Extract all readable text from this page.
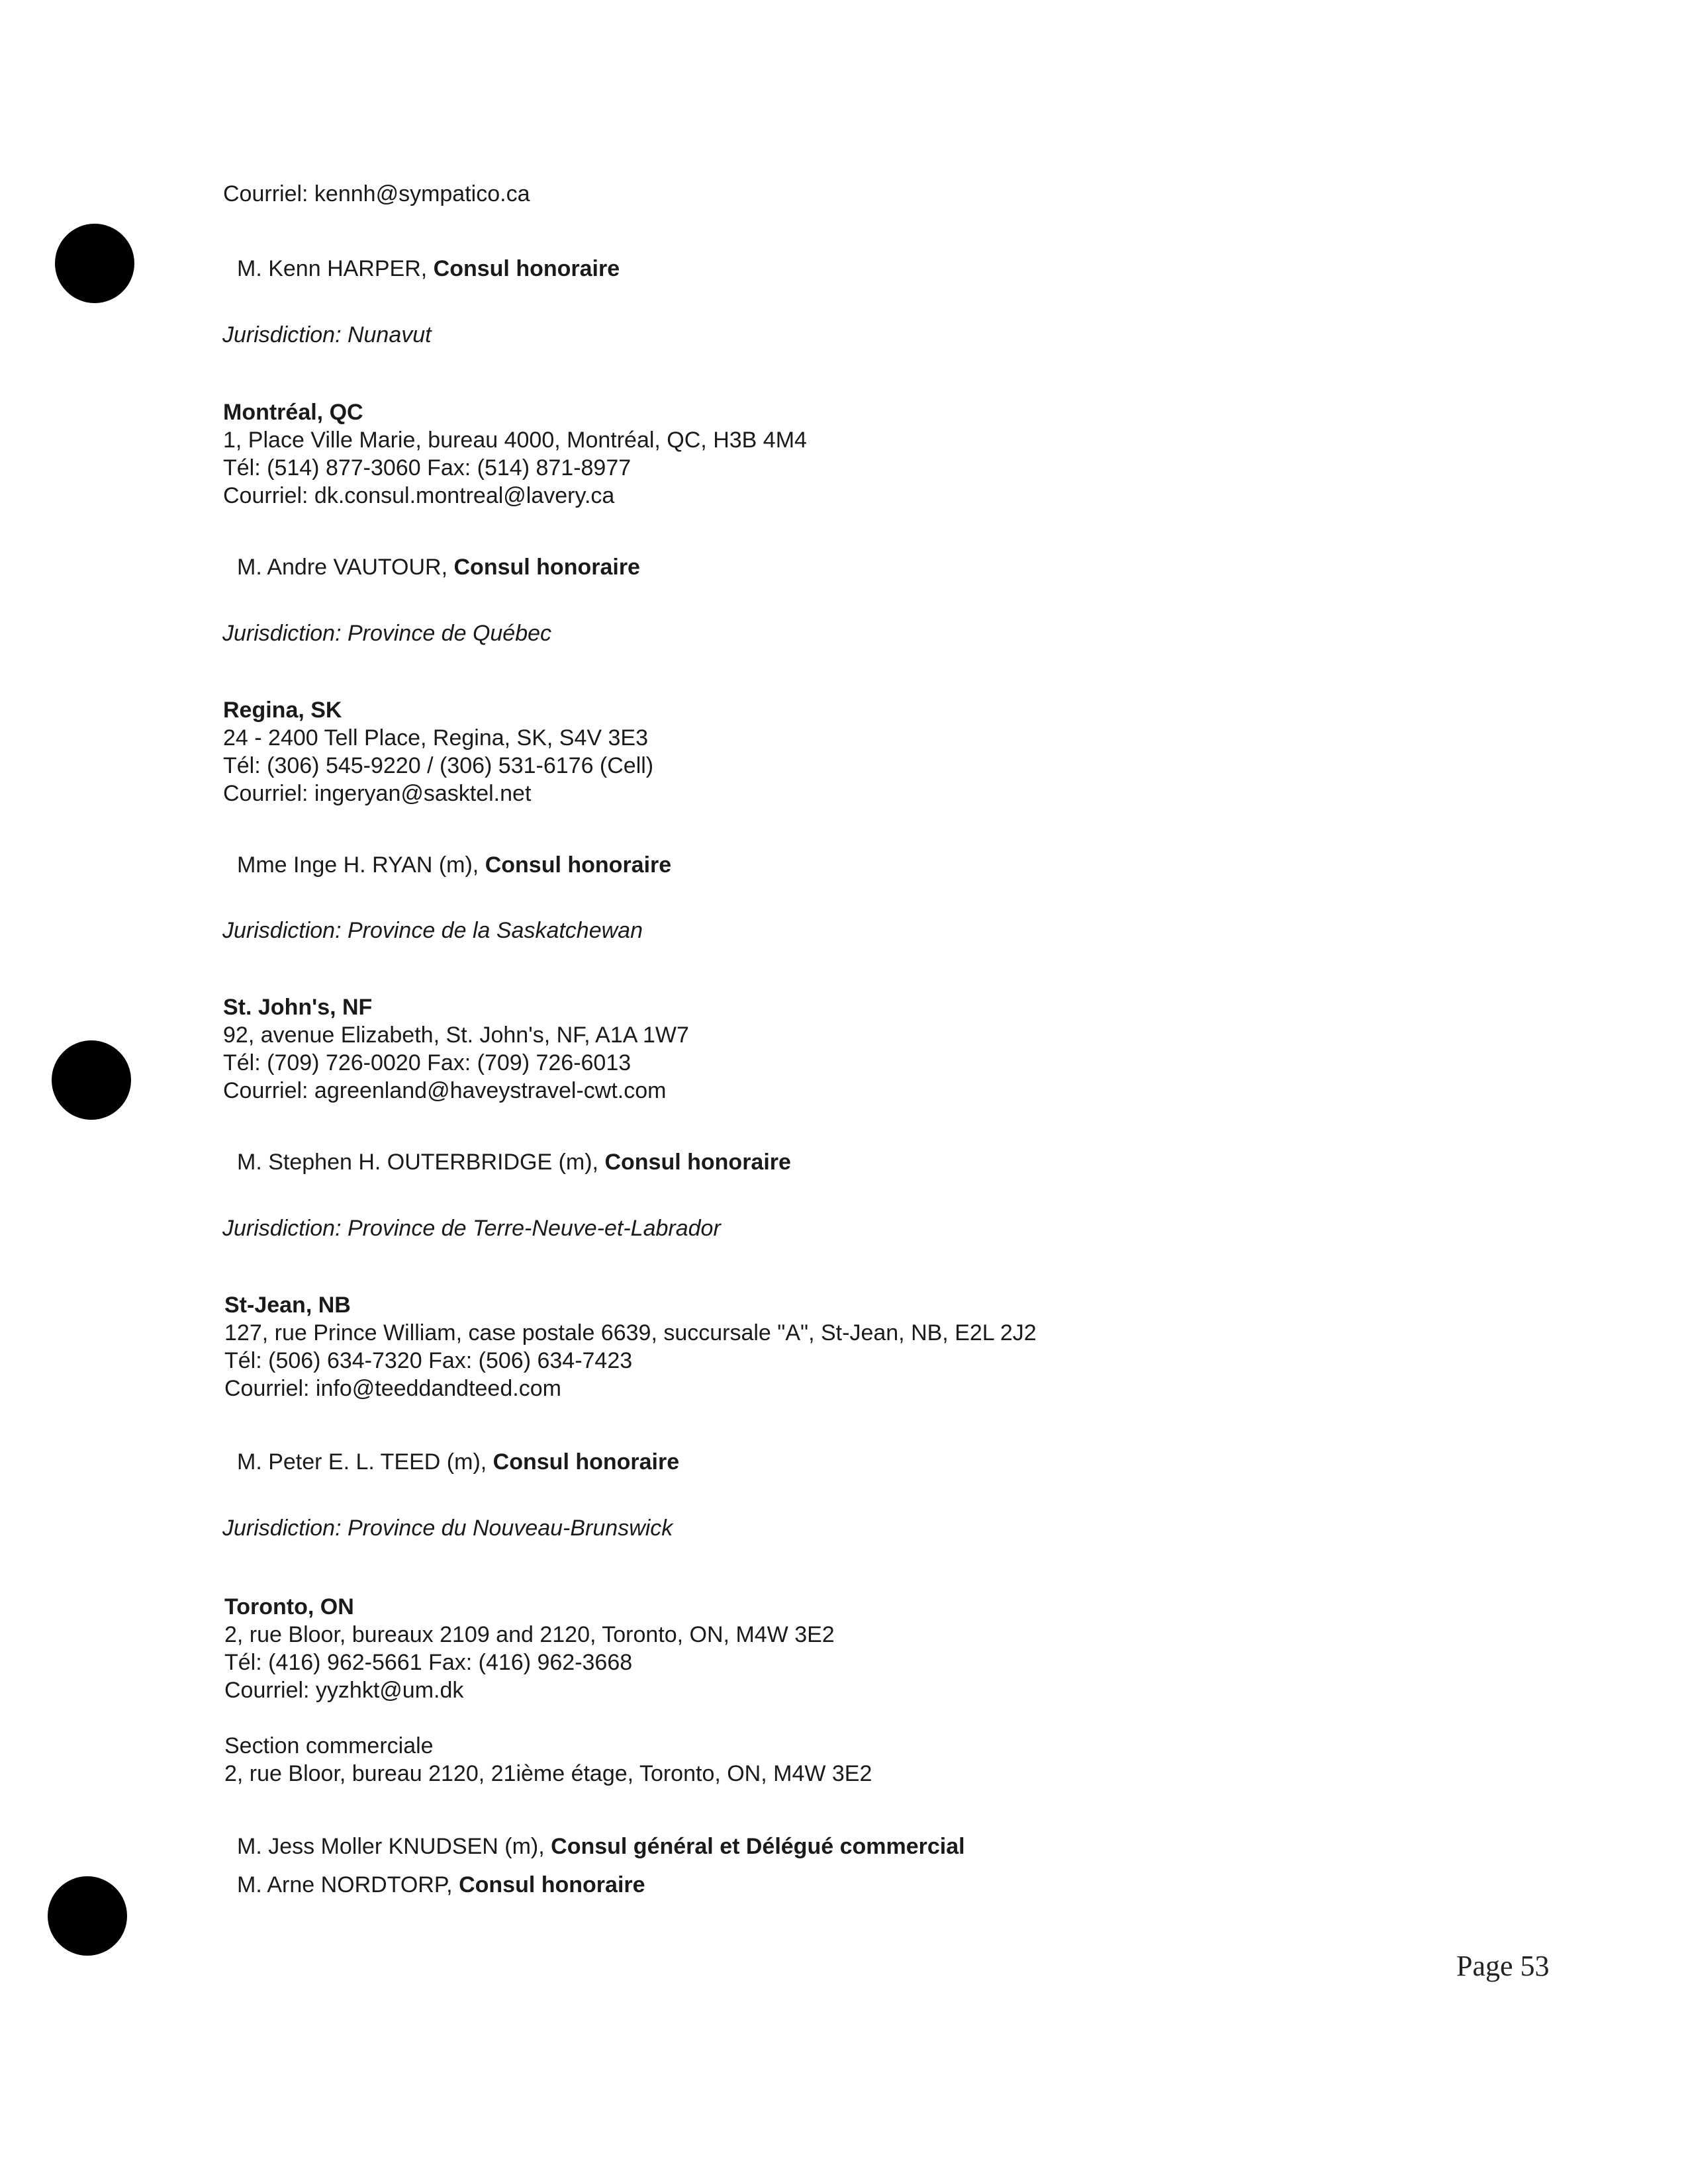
Courriel: kennh@sympatico.ca
M. Kenn HARPER, Consul honoraire
Jurisdiction: Nunavut
Montréal, QC
1, Place Ville Marie, bureau 4000, Montréal, QC, H3B 4M4
Tél: (514) 877-3060 Fax: (514) 871-8977
Courriel: dk.consul.montreal@lavery.ca
M. Andre VAUTOUR, Consul honoraire
Jurisdiction: Province de Québec
Regina, SK
24 - 2400 Tell Place, Regina, SK, S4V 3E3
Tél: (306) 545-9220 / (306) 531-6176 (Cell)
Courriel: ingeryan@sasktel.net
Mme Inge H. RYAN (m), Consul honoraire
Jurisdiction: Province de la Saskatchewan
St. John's, NF
92, avenue Elizabeth, St. John's, NF, A1A 1W7
Tél: (709) 726-0020 Fax: (709) 726-6013
Courriel: agreenland@haveystravel-cwt.com
M. Stephen H. OUTERBRIDGE (m), Consul honoraire
Jurisdiction: Province de Terre-Neuve-et-Labrador
St-Jean, NB
127, rue Prince William, case postale 6639, succursale "A", St-Jean, NB, E2L 2J2
Tél: (506) 634-7320 Fax: (506) 634-7423
Courriel: info@teeddandteed.com
M. Peter E. L. TEED (m), Consul honoraire
Jurisdiction: Province du Nouveau-Brunswick
Toronto, ON
2, rue Bloor, bureaux 2109 and 2120, Toronto, ON, M4W 3E2
Tél: (416) 962-5661 Fax: (416) 962-3668
Courriel: yyzhkt@um.dk
Section commerciale
2, rue Bloor, bureau 2120, 21ième étage, Toronto, ON, M4W 3E2
M. Jess Moller KNUDSEN (m), Consul général et Délégué commercial
M. Arne NORDTORP, Consul honoraire
Page 53
